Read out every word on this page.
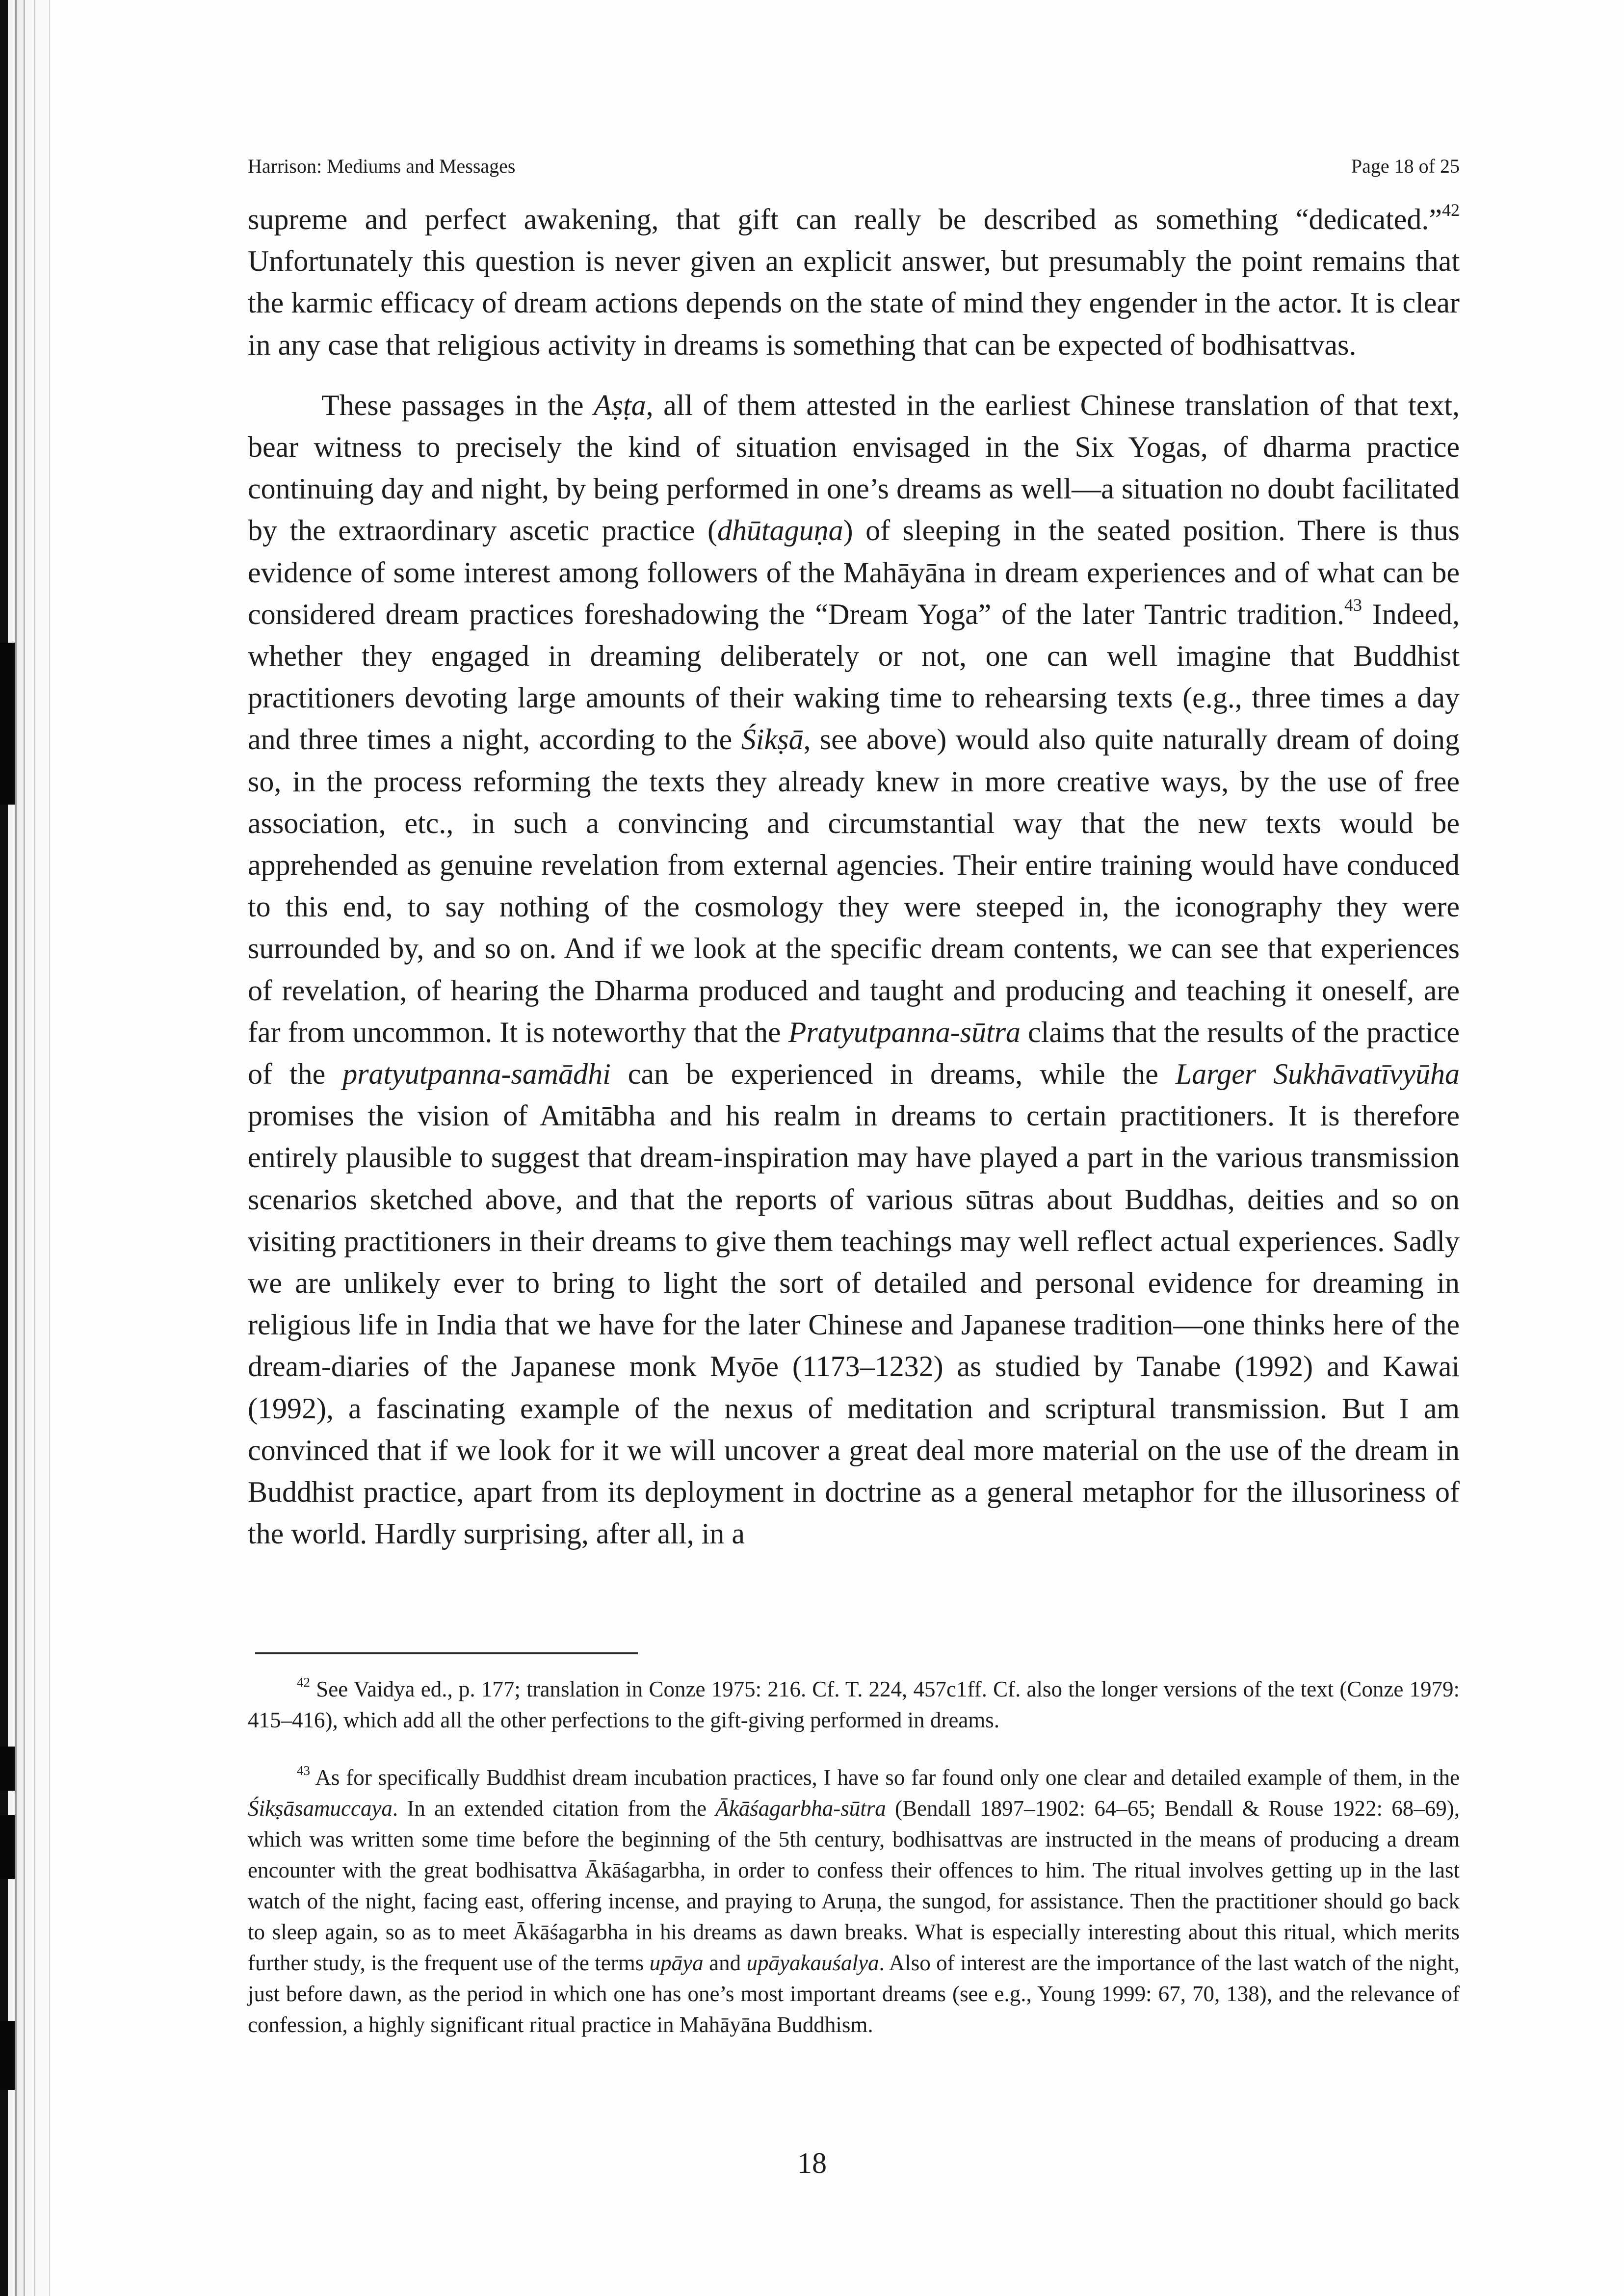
Harrison: Mediums and Messages	Page 18 of 25

supreme and perfect awakening, that gift can really be described as something “dedicated.”$^{42}$ Unfortunately this question is never given an explicit answer, but presumably the point remains that the karmic efficacy of dream actions depends on the state of mind they engender in the actor. It is clear in any case that religious activity in dreams is something that can be expected of bodhisattvas.

These passages in the Aṣṭa, all of them attested in the earliest Chinese translation of that text, bear witness to precisely the kind of situation envisaged in the Six Yogas, of dharma practice continuing day and night, by being performed in one’s dreams as well—a situation no doubt facilitated by the extraordinary ascetic practice (dhūtaguṇa) of sleeping in the seated position. There is thus evidence of some interest among followers of the Mahāyāna in dream experiences and of what can be considered dream practices foreshadowing the “Dream Yoga” of the later Tantric tradition.$^{43}$ Indeed, whether they engaged in dreaming deliberately or not, one can well imagine that Buddhist practitioners devoting large amounts of their waking time to rehearsing texts (e.g., three times a day and three times a night, according to the Śikṣā, see above) would also quite naturally dream of doing so, in the process reforming the texts they already knew in more creative ways, by the use of free association, etc., in such a convincing and circumstantial way that the new texts would be apprehended as genuine revelation from external agencies. Their entire training would have conduced to this end, to say nothing of the cosmology they were steeped in, the iconography they were surrounded by, and so on. And if we look at the specific dream contents, we can see that experiences of revelation, of hearing the Dharma produced and taught and producing and teaching it oneself, are far from uncommon. It is noteworthy that the Pratyutpanna-sūtra claims that the results of the practice of the pratyutpanna-samādhi can be experienced in dreams, while the Larger Sukhāvatīvyūha promises the vision of Amitābha and his realm in dreams to certain practitioners. It is therefore entirely plausible to suggest that dream-inspiration may have played a part in the various transmission scenarios sketched above, and that the reports of various sūtras about Buddhas, deities and so on visiting practitioners in their dreams to give them teachings may well reflect actual experiences. Sadly we are unlikely ever to bring to light the sort of detailed and personal evidence for dreaming in religious life in India that we have for the later Chinese and Japanese tradition—one thinks here of the dream-diaries of the Japanese monk Myōe (1173–1232) as studied by Tanabe (1992) and Kawai (1992), a fascinating example of the nexus of meditation and scriptural transmission. But I am convinced that if we look for it we will uncover a great deal more material on the use of the dream in Buddhist practice, apart from its deployment in doctrine as a general metaphor for the illusoriness of the world. Hardly surprising, after all, in a

$^{42}$ See Vaidya ed., p. 177; translation in Conze 1975: 216. Cf. T. 224, 457c1ff. Cf. also the longer versions of the text (Conze 1979: 415–416), which add all the other perfections to the gift-giving performed in dreams.

$^{43}$ As for specifically Buddhist dream incubation practices, I have so far found only one clear and detailed example of them, in the Śikṣāsamuccaya. In an extended citation from the Ākāśagarbha-sūtra (Bendall 1897–1902: 64–65; Bendall & Rouse 1922: 68–69), which was written some time before the beginning of the 5th century, bodhisattvas are instructed in the means of producing a dream encounter with the great bodhisattva Ākāśagarbha, in order to confess their offences to him. The ritual involves getting up in the last watch of the night, facing east, offering incense, and praying to Aruṇa, the sungod, for assistance. Then the practitioner should go back to sleep again, so as to meet Ākāśagarbha in his dreams as dawn breaks. What is especially interesting about this ritual, which merits further study, is the frequent use of the terms upāya and upāyakauśalya. Also of interest are the importance of the last watch of the night, just before dawn, as the period in which one has one’s most important dreams (see e.g., Young 1999: 67, 70, 138), and the relevance of confession, a highly significant ritual practice in Mahāyāna Buddhism.

18
